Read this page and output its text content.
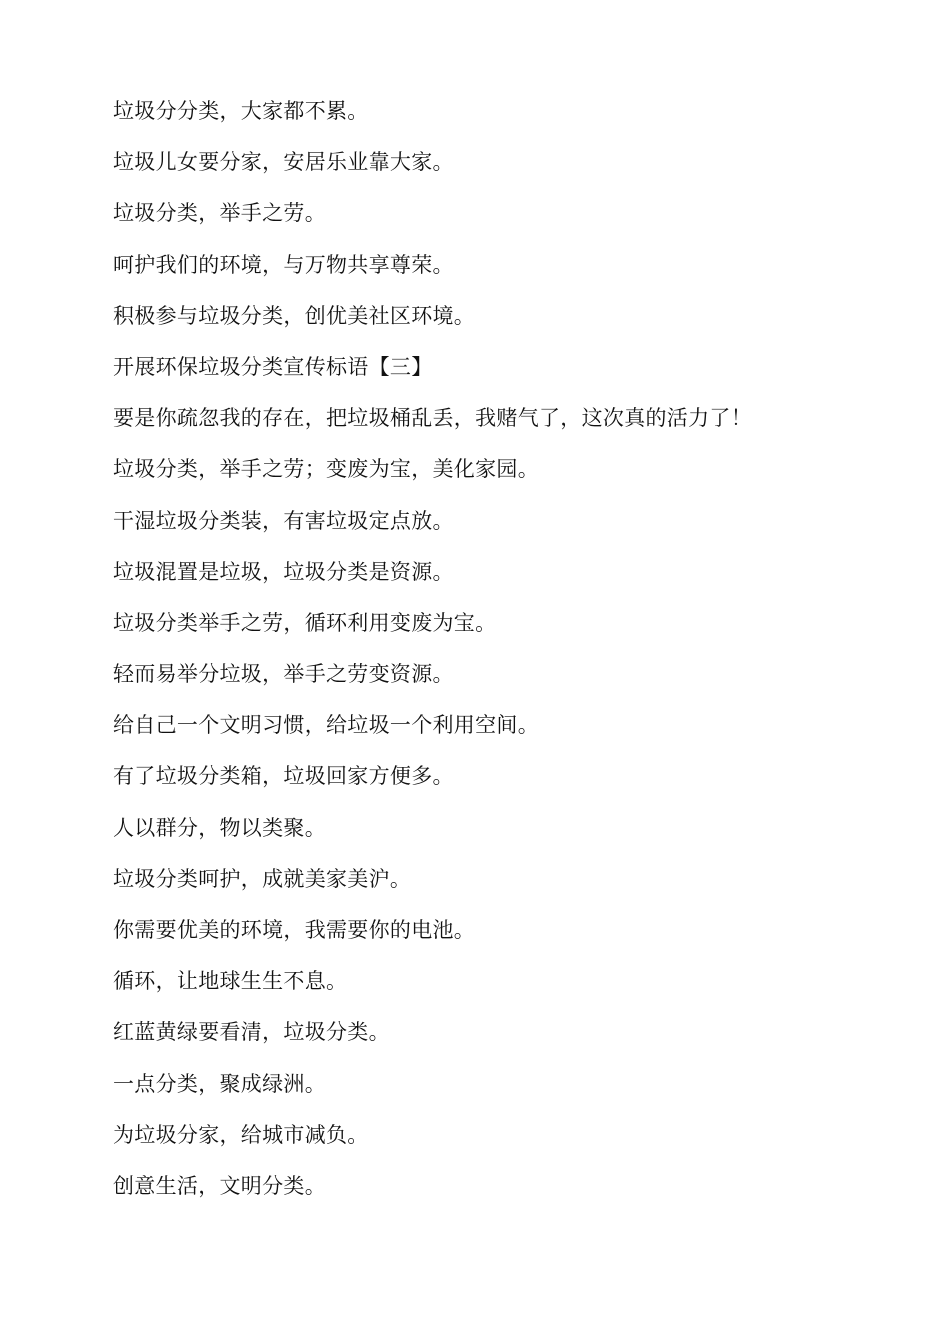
垃圾分分类，大家都不累。
垃圾儿女要分家，安居乐业靠大家。
垃圾分类，举手之劳。
呵护我们的环境，与万物共享尊荣。
积极参与垃圾分类，创优美社区环境。
开展环保垃圾分类宣传标语【三】
要是你疏忽我的存在，把垃圾桶乱丢，我赌气了，这次真的活力了！
垃圾分类，举手之劳；变废为宝，美化家园。
干湿垃圾分类装，有害垃圾定点放。
垃圾混置是垃圾，垃圾分类是资源。
垃圾分类举手之劳，循环利用变废为宝。
轻而易举分垃圾，举手之劳变资源。
给自己一个文明习惯，给垃圾一个利用空间。
有了垃圾分类箱，垃圾回家方便多。
人以群分，物以类聚。
垃圾分类呵护，成就美家美沪。
你需要优美的环境，我需要你的电池。
循环，让地球生生不息。
红蓝黄绿要看清，垃圾分类。
一点分类，聚成绿洲。
为垃圾分家，给城市减负。
创意生活，文明分类。
